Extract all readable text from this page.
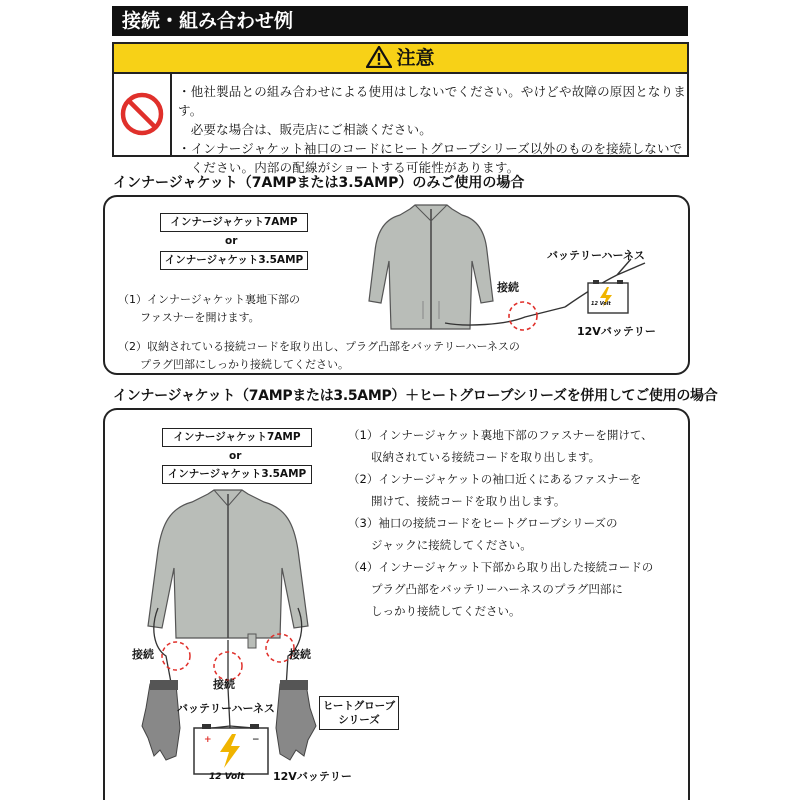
接続・組み合わせ例
注意

・他社製品との組み合わせによる使用はしないでください。やけどや故障の原因となります。

　必要な場合は、販売店にご相談ください。

・インナージャケット袖口のコードにヒートグローブシリーズ以外のものを接続しないで

　ください。内部の配線がショートする可能性があります。

インナージャケット（7AMPまたは3.5AMP）のみご使用の場合
インナージャケット7AMP
or
インナージャケット3.5AMP
（1）インナージャケット裏地下部の
　　ファスナーを開けます。
（2）収納されている接続コードを取り出し、プラグ凸部をバッテリーハーネスの
　　プラグ凹部にしっかり接続してください。
バッテリーハーネス
接続
12 Volt
12Vバッテリー
インナージャケット（7AMPまたは3.5AMP）＋ヒートグローブシリーズを併用してご使用の場合
インナージャケット7AMP
or
インナージャケット3.5AMP
（1）インナージャケット裏地下部のファスナーを開けて、
　　収納されている接続コードを取り出します。
（2）インナージャケットの袖口近くにあるファスナーを
　　開けて、接続コードを取り出します。
（3）袖口の接続コードをヒートグローブシリーズの
　　ジャックに接続してください。
（4）インナージャケット下部から取り出した接続コードの
　　プラグ凸部をバッテリーハーネスのプラグ凹部に
　　しっかり接続してください。
+	−
接続
接続
接続
バッテリーハーネス	ヒートグローブ
シリーズ
12 Volt	12Vバッテリー
